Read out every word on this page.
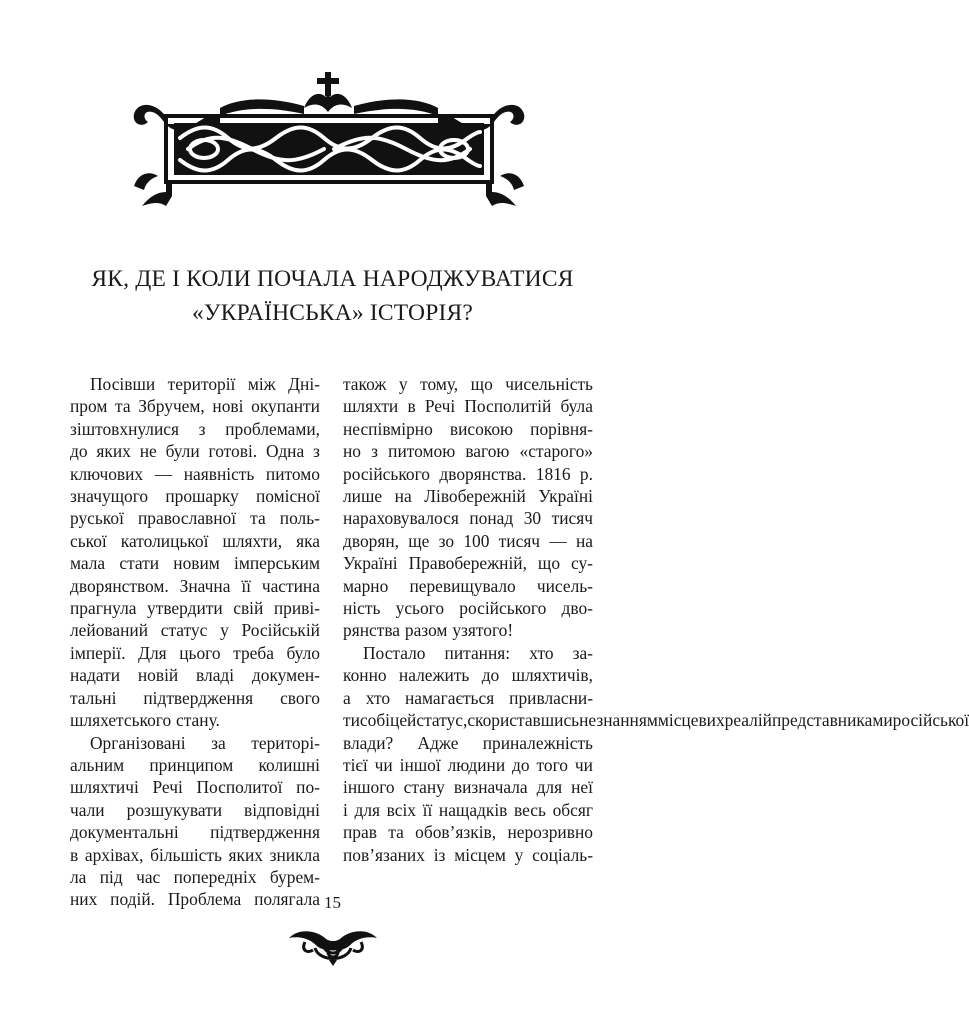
ЯК, ДЕ І КОЛИ ПОЧАЛА НАРОДЖУВАТИСЯ
«УКРАЇНСЬКА» ІСТОРІЯ?
Посівши території між Дні-
пром та Збручем, нові окупанти
зіштовхнулися з проблемами,
до яких не були готові. Одна з
ключових — наявність питомо
значущого прошарку помісної
руської православної та поль-
ської католицької шляхти, яка
мала стати новим імперським
дворянством. Значна її частина
прагнула утвердити свій приві-
лейований статус у Російській
імперії. Для цього треба було
надати новій владі докумен-
тальні підтвердження свого
шляхетського стану.
Організовані за територі-
альним принципом колишні
шляхтичі Речі Посполитої по-
чали розшукувати відповідні
документальні підтвердження
в архівах, більшість яких зникла
ла під час попередніх бурем-
них подій. Проблема полягала
також у тому, що чисельність
шляхти в Речі Посполитій була
неспівмірно високою порівня-
но з питомою вагою «старого»
російського дворянства. 1816 р.
лише на Лівобережній Україні
нараховувалося понад 30 тисяч
дворян, ще зо 100 тисяч — на
Україні Правобережній, що су-
марно перевищувало чисель-
ність усього російського дво-
рянства разом узятого!
Постало питання: хто за-
конно належить до шляхтичів,
а хто намагається привласни-
ти собі цей статус, скориставшись незнанням місцевих реалій представниками російської
влади? Адже приналежність
тієї чи іншої людини до того чи
іншого стану визначала для неї
і для всіх її нащадків весь обсяг
прав та обов’язків, нерозривно
пов’язаних із місцем у соціаль-
15
